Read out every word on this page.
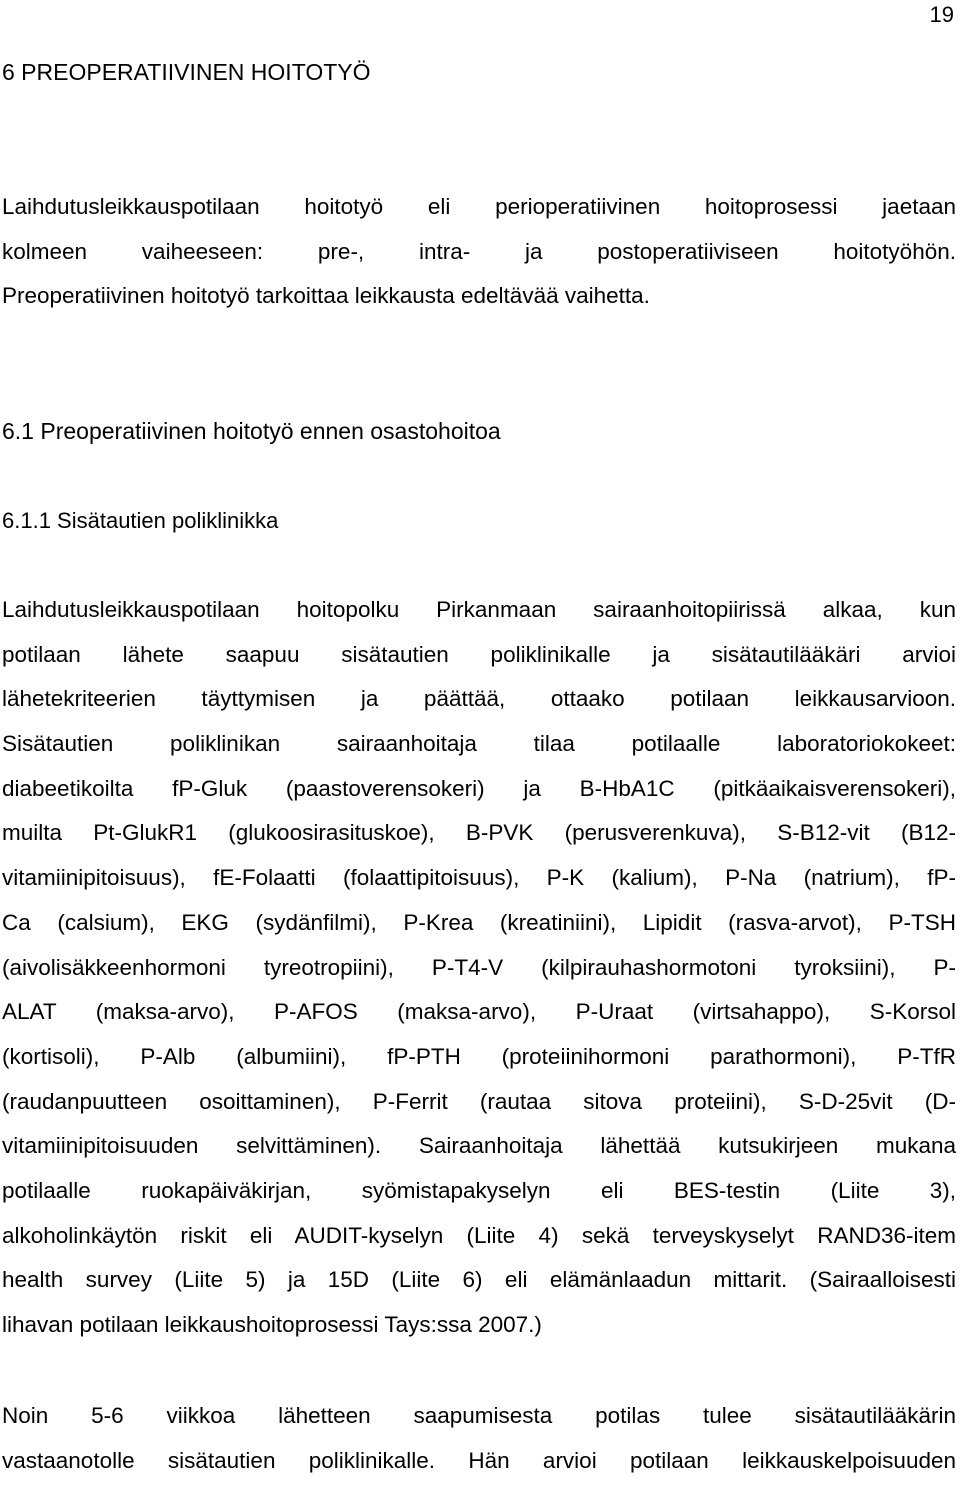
19
6 PREOPERATIIVINEN HOITOTYÖ
Laihdutusleikkauspotilaan hoitotyö eli perioperatiivinen hoitoprosessi jaetaan
kolmeen vaiheeseen: pre-, intra- ja postoperatiiviseen hoitotyöhön.
Preoperatiivinen hoitotyö tarkoittaa leikkausta edeltävää vaihetta.
6.1 Preoperatiivinen hoitotyö ennen osastohoitoa
6.1.1 Sisätautien poliklinikka
Laihdutusleikkauspotilaan hoitopolku Pirkanmaan sairaanhoitopiirissä alkaa, kun
potilaan lähete saapuu sisätautien poliklinikalle ja sisätautilääkäri arvioi
lähetekriteerien täyttymisen ja päättää, ottaako potilaan leikkausarvioon.
Sisätautien poliklinikan sairaanhoitaja tilaa potilaalle laboratoriokokeet:
diabeetikoilta fP-Gluk (paastoverensokeri) ja B-HbA1C (pitkäaikaisverensokeri),
muilta Pt-GlukR1 (glukoosirasituskoe), B-PVK (perusverenkuva), S-B12-vit (B12-
vitamiinipitoisuus), fE-Folaatti (folaattipitoisuus), P-K (kalium), P-Na (natrium), fP-
Ca (calsium), EKG (sydänfilmi), P-Krea (kreatiniini), Lipidit (rasva-arvot), P-TSH
(aivolisäkkeenhormoni tyreotropiini), P-T4-V (kilpirauhashormotoni tyroksiini), P-
ALAT (maksa-arvo), P-AFOS (maksa-arvo), P-Uraat (virtsahappo), S-Korsol
(kortisoli), P-Alb (albumiini), fP-PTH (proteiinihormoni parathormoni), P-TfR
(raudanpuutteen osoittaminen), P-Ferrit (rautaa sitova proteiini), S-D-25vit (D-
vitamiinipitoisuuden selvittäminen). Sairaanhoitaja lähettää kutsukirjeen mukana
potilaalle ruokapäiväkirjan, syömistapakyselyn eli BES-testin (Liite 3),
alkoholinkäytön riskit eli AUDIT-kyselyn (Liite 4) sekä terveyskyselyt RAND36-item
health survey (Liite 5) ja 15D (Liite 6) eli elämänlaadun mittarit. (Sairaalloisesti
lihavan potilaan leikkaushoitoprosessi Tays:ssa 2007.)
Noin 5-6 viikkoa lähetteen saapumisesta potilas tulee sisätautilääkärin
vastaanotolle sisätautien poliklinikalle. Hän arvioi potilaan leikkauskelpoisuuden
